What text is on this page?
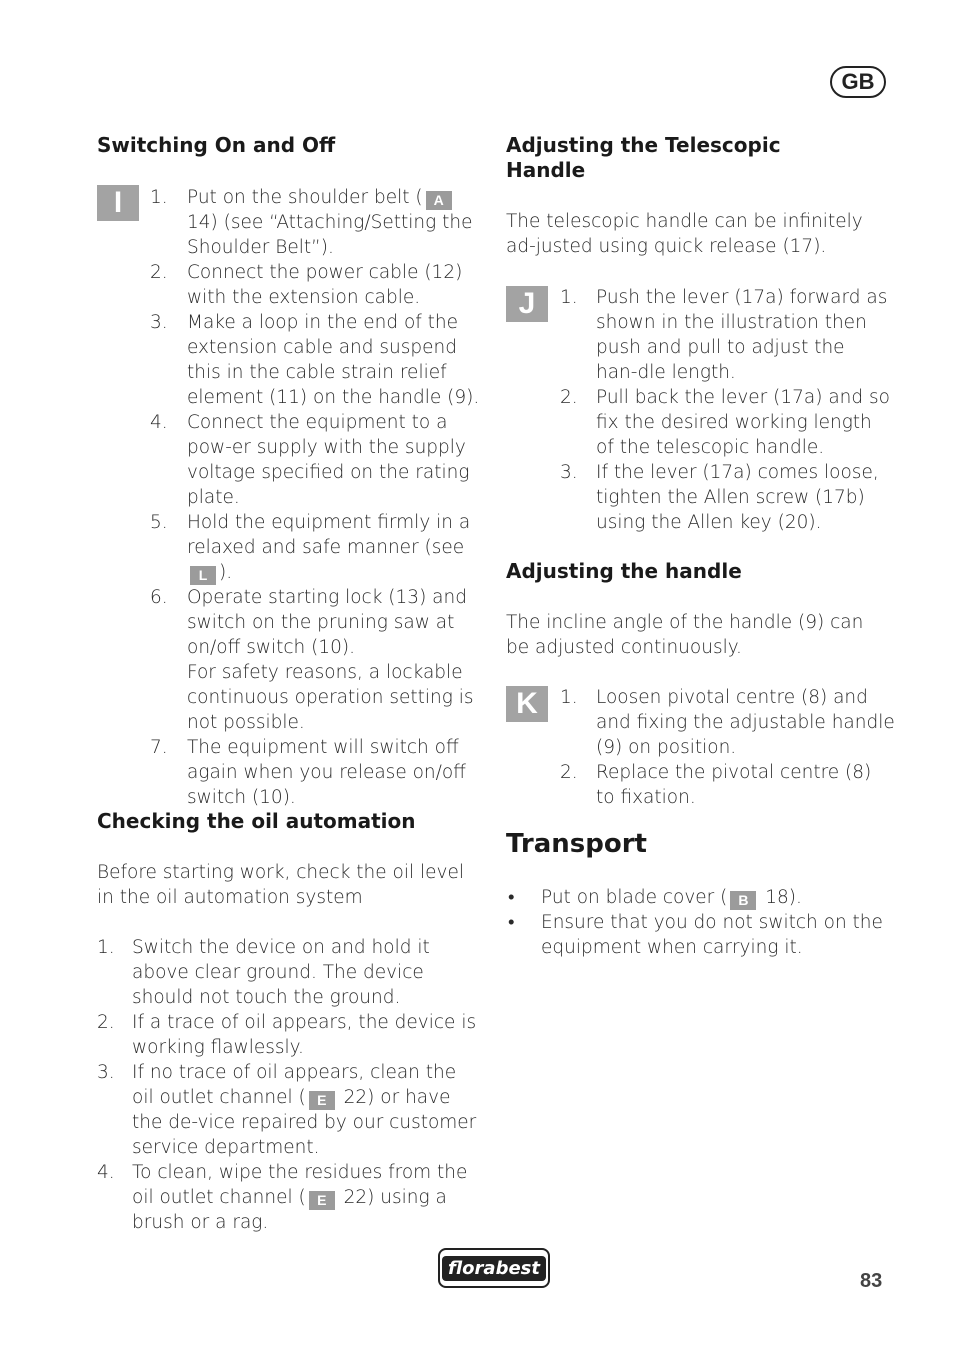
GB
Switching On and Off
I	1. Put on the shoulder belt ( A 14) (see “Attaching/Setting the Shoulder Belt”).
2. Connect the power cable (12) with the extension cable.
3. Make a loop in the end of the extension cable and suspend this in the cable strain relief element (11) on the handle (9).
4. Connect the equipment to a pow-er supply with the supply voltage specified on the rating plate.
5. Hold the equipment firmly in a relaxed and safe manner (see L ).
6. Operate starting lock (13) and switch on the pruning saw at on/off switch (10).
For safety reasons, a lockable continuous operation setting is not possible.
7. The equipment will switch off again when you release on/off switch (10).
Checking the oil automation

Before starting work, check the oil level in the oil automation system

1. Switch the device on and hold it above clear ground. The device should not touch the ground.
2. If a trace of oil appears, the device is working flawlessly.
3. If no trace of oil appears, clean the oil outlet channel ( E 22) or have the de-vice repaired by our customer service department.
4. To clean, wipe the residues from the oil outlet channel ( E 22) using a brush or a rag.
Adjusting the Telescopic Handle

The telescopic handle can be infinitely ad-justed using quick release (17).

J	1. Push the lever (17a) forward as shown in the illustration then push and pull to adjust the han-dle length.
2. Pull back the lever (17a) and so fix the desired working length of the telescopic handle.
3. If the lever (17a) comes loose, tighten the Allen screw (17b) using the Allen key (20).
Adjusting the handle

The incline angle of the handle (9) can be adjusted continuously.

K	1. Loosen pivotal centre (8) and and fixing the adjustable handle (9) on position.
2. Replace the pivotal centre (8) to fixation.
Transport
• Put on blade cover ( B 18).
• Ensure that you do not switch on the equipment when carrying it.
florabest
83
